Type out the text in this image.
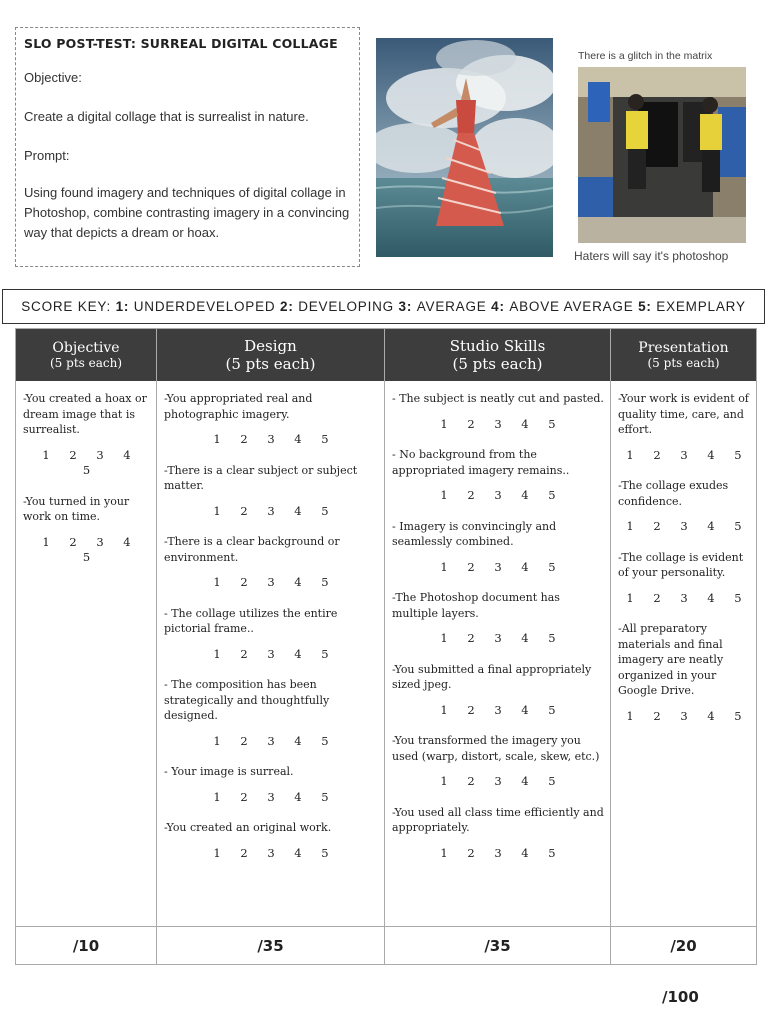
SLO POST-TEST: SURREAL DIGITAL COLLAGE

Objective:

Create a digital collage that is surrealist in nature.

Prompt:

Using found imagery and techniques of digital collage in Photoshop, combine contrasting imagery in a convincing way that depicts a dream or hoax.

There is a glitch in the matrix
Haters will say it's photoshop
SCORE KEY:
1:
UNDERDEVELOPED
2:
DEVELOPING
3:
AVERAGE
4:
ABOVE AVERAGE
5:
EXEMPLARY
Objective
(5 pts each)
-You created a hoax or dream image that is surrealist.
1 2 3 4 5
-You turned in your work on time.
1 2 3 4 5
/10
Design
(5 pts each)
-You appropriated real and photographic imagery.
1 2 3 4 5
-There is a clear subject or subject matter.
1 2 3 4 5
-There is a clear background or environment.
1 2 3 4 5
- The collage utilizes the entire pictorial frame..
1 2 3 4 5
- The composition has been strategically and thoughtfully designed.
1 2 3 4 5
- Your image is surreal.
1 2 3 4 5
-You created an original work.
1 2 3 4 5
/35
Studio Skills
(5 pts each)
- The subject is neatly cut and pasted.
1 2 3 4 5
- No background from the appropriated imagery remains..
1 2 3 4 5
- Imagery is convincingly and seamlessly combined.
1 2 3 4 5
-The Photoshop document has multiple layers.
1 2 3 4 5
-You submitted a final appropriately sized jpeg.
1 2 3 4 5
-You transformed the imagery you used (warp, distort, scale, skew, etc.)
1 2 3 4 5
-You used all class time efficiently and appropriately.
1 2 3 4 5
/35
Presentation
(5 pts each)
-Your work is evident of quality time, care, and effort.
1 2 3 4 5
-The collage exudes confidence.
1 2 3 4 5
-The collage is evident of your personality.
1 2 3 4 5
-All preparatory materials and final imagery are neatly organized in your Google Drive.
1 2 3 4 5
/20
/100
